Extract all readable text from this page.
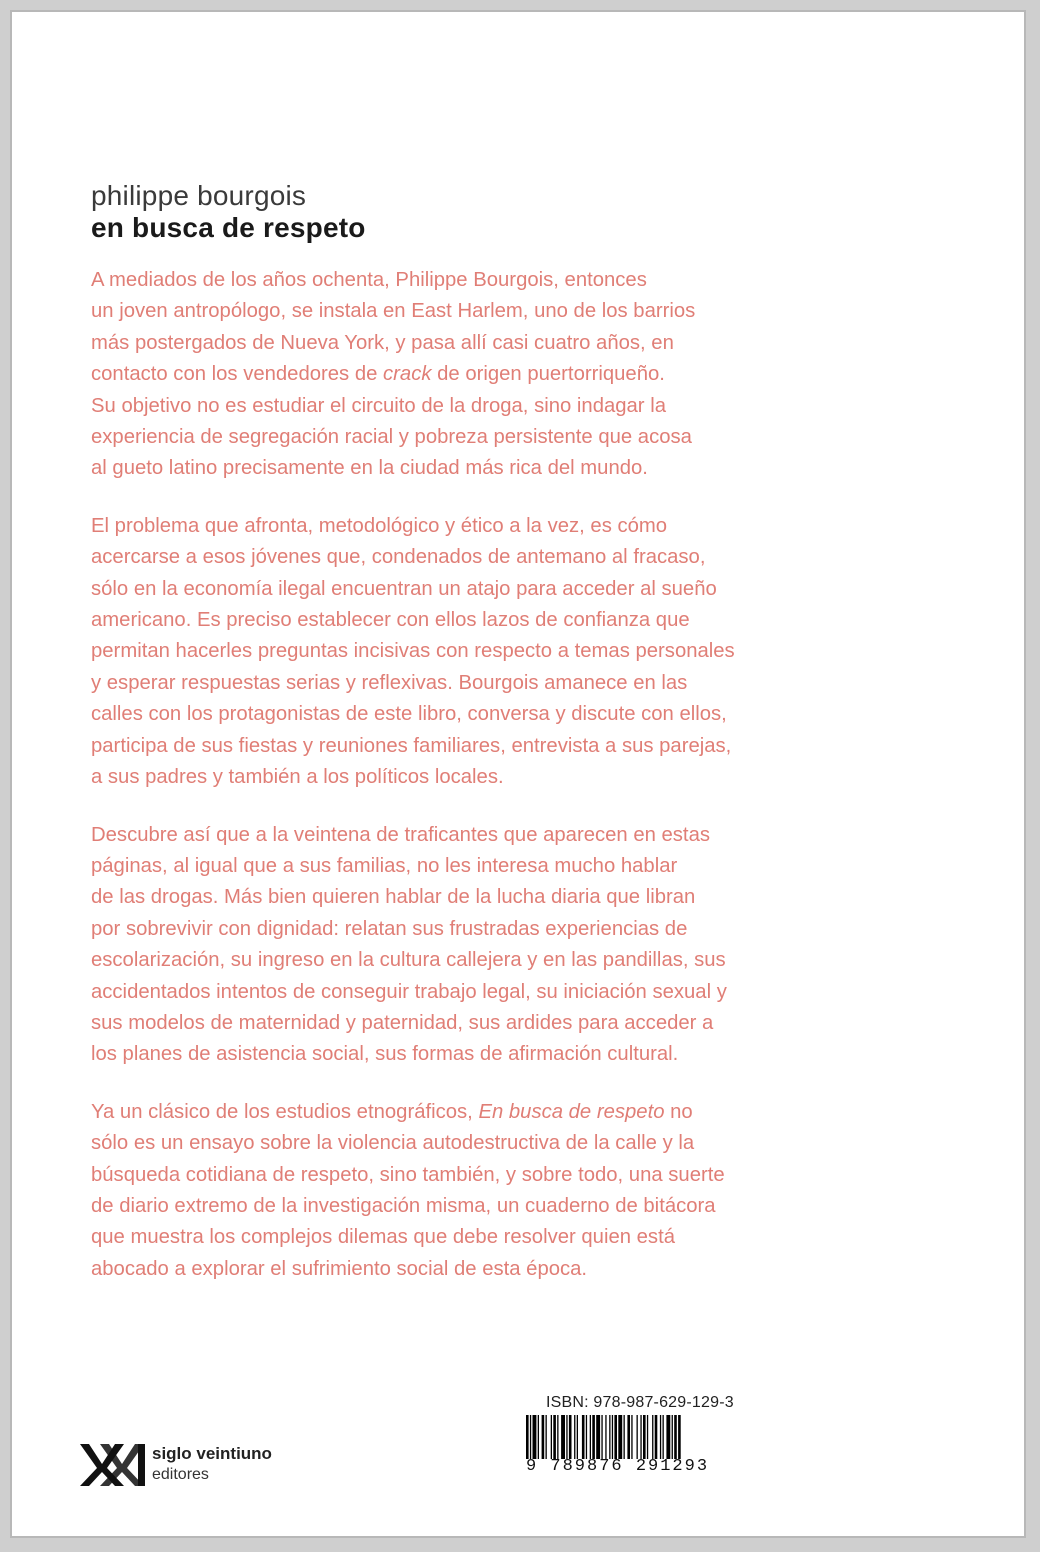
philippe bourgois
en busca de respeto

A mediados de los años ochenta, Philippe Bourgois, entonces
un joven antropólogo, se instala en East Harlem, uno de los barrios
más postergados de Nueva York, y pasa allí casi cuatro años, en
contacto con los vendedores de crack de origen puertorriqueño.
Su objetivo no es estudiar el circuito de la droga, sino indagar la
experiencia de segregación racial y pobreza persistente que acosa
al gueto latino precisamente en la ciudad más rica del mundo.

El problema que afronta, metodológico y ético a la vez, es cómo
acercarse a esos jóvenes que, condenados de antemano al fracaso,
sólo en la economía ilegal encuentran un atajo para acceder al sueño
americano. Es preciso establecer con ellos lazos de confianza que
permitan hacerles preguntas incisivas con respecto a temas personales
y esperar respuestas serias y reflexivas. Bourgois amanece en las
calles con los protagonistas de este libro, conversa y discute con ellos,
participa de sus fiestas y reuniones familiares, entrevista a sus parejas,
a sus padres y también a los políticos locales.

Descubre así que a la veintena de traficantes que aparecen en estas
páginas, al igual que a sus familias, no les interesa mucho hablar
de las drogas. Más bien quieren hablar de la lucha diaria que libran
por sobrevivir con dignidad: relatan sus frustradas experiencias de
escolarización, su ingreso en la cultura callejera y en las pandillas, sus
accidentados intentos de conseguir trabajo legal, su iniciación sexual y
sus modelos de maternidad y paternidad, sus ardides para acceder a
los planes de asistencia social, sus formas de afirmación cultural.

Ya un clásico de los estudios etnográficos, En busca de respeto no
sólo es un ensayo sobre la violencia autodestructiva de la calle y la
búsqueda cotidiana de respeto, sino también, y sobre todo, una suerte
de diario extremo de la investigación misma, un cuaderno de bitácora
que muestra los complejos dilemas que debe resolver quien está
abocado a explorar el sufrimiento social de esta época.

ISBN: 978-987-629-129-3
9 789876 291293
siglo veintiuno
editores
